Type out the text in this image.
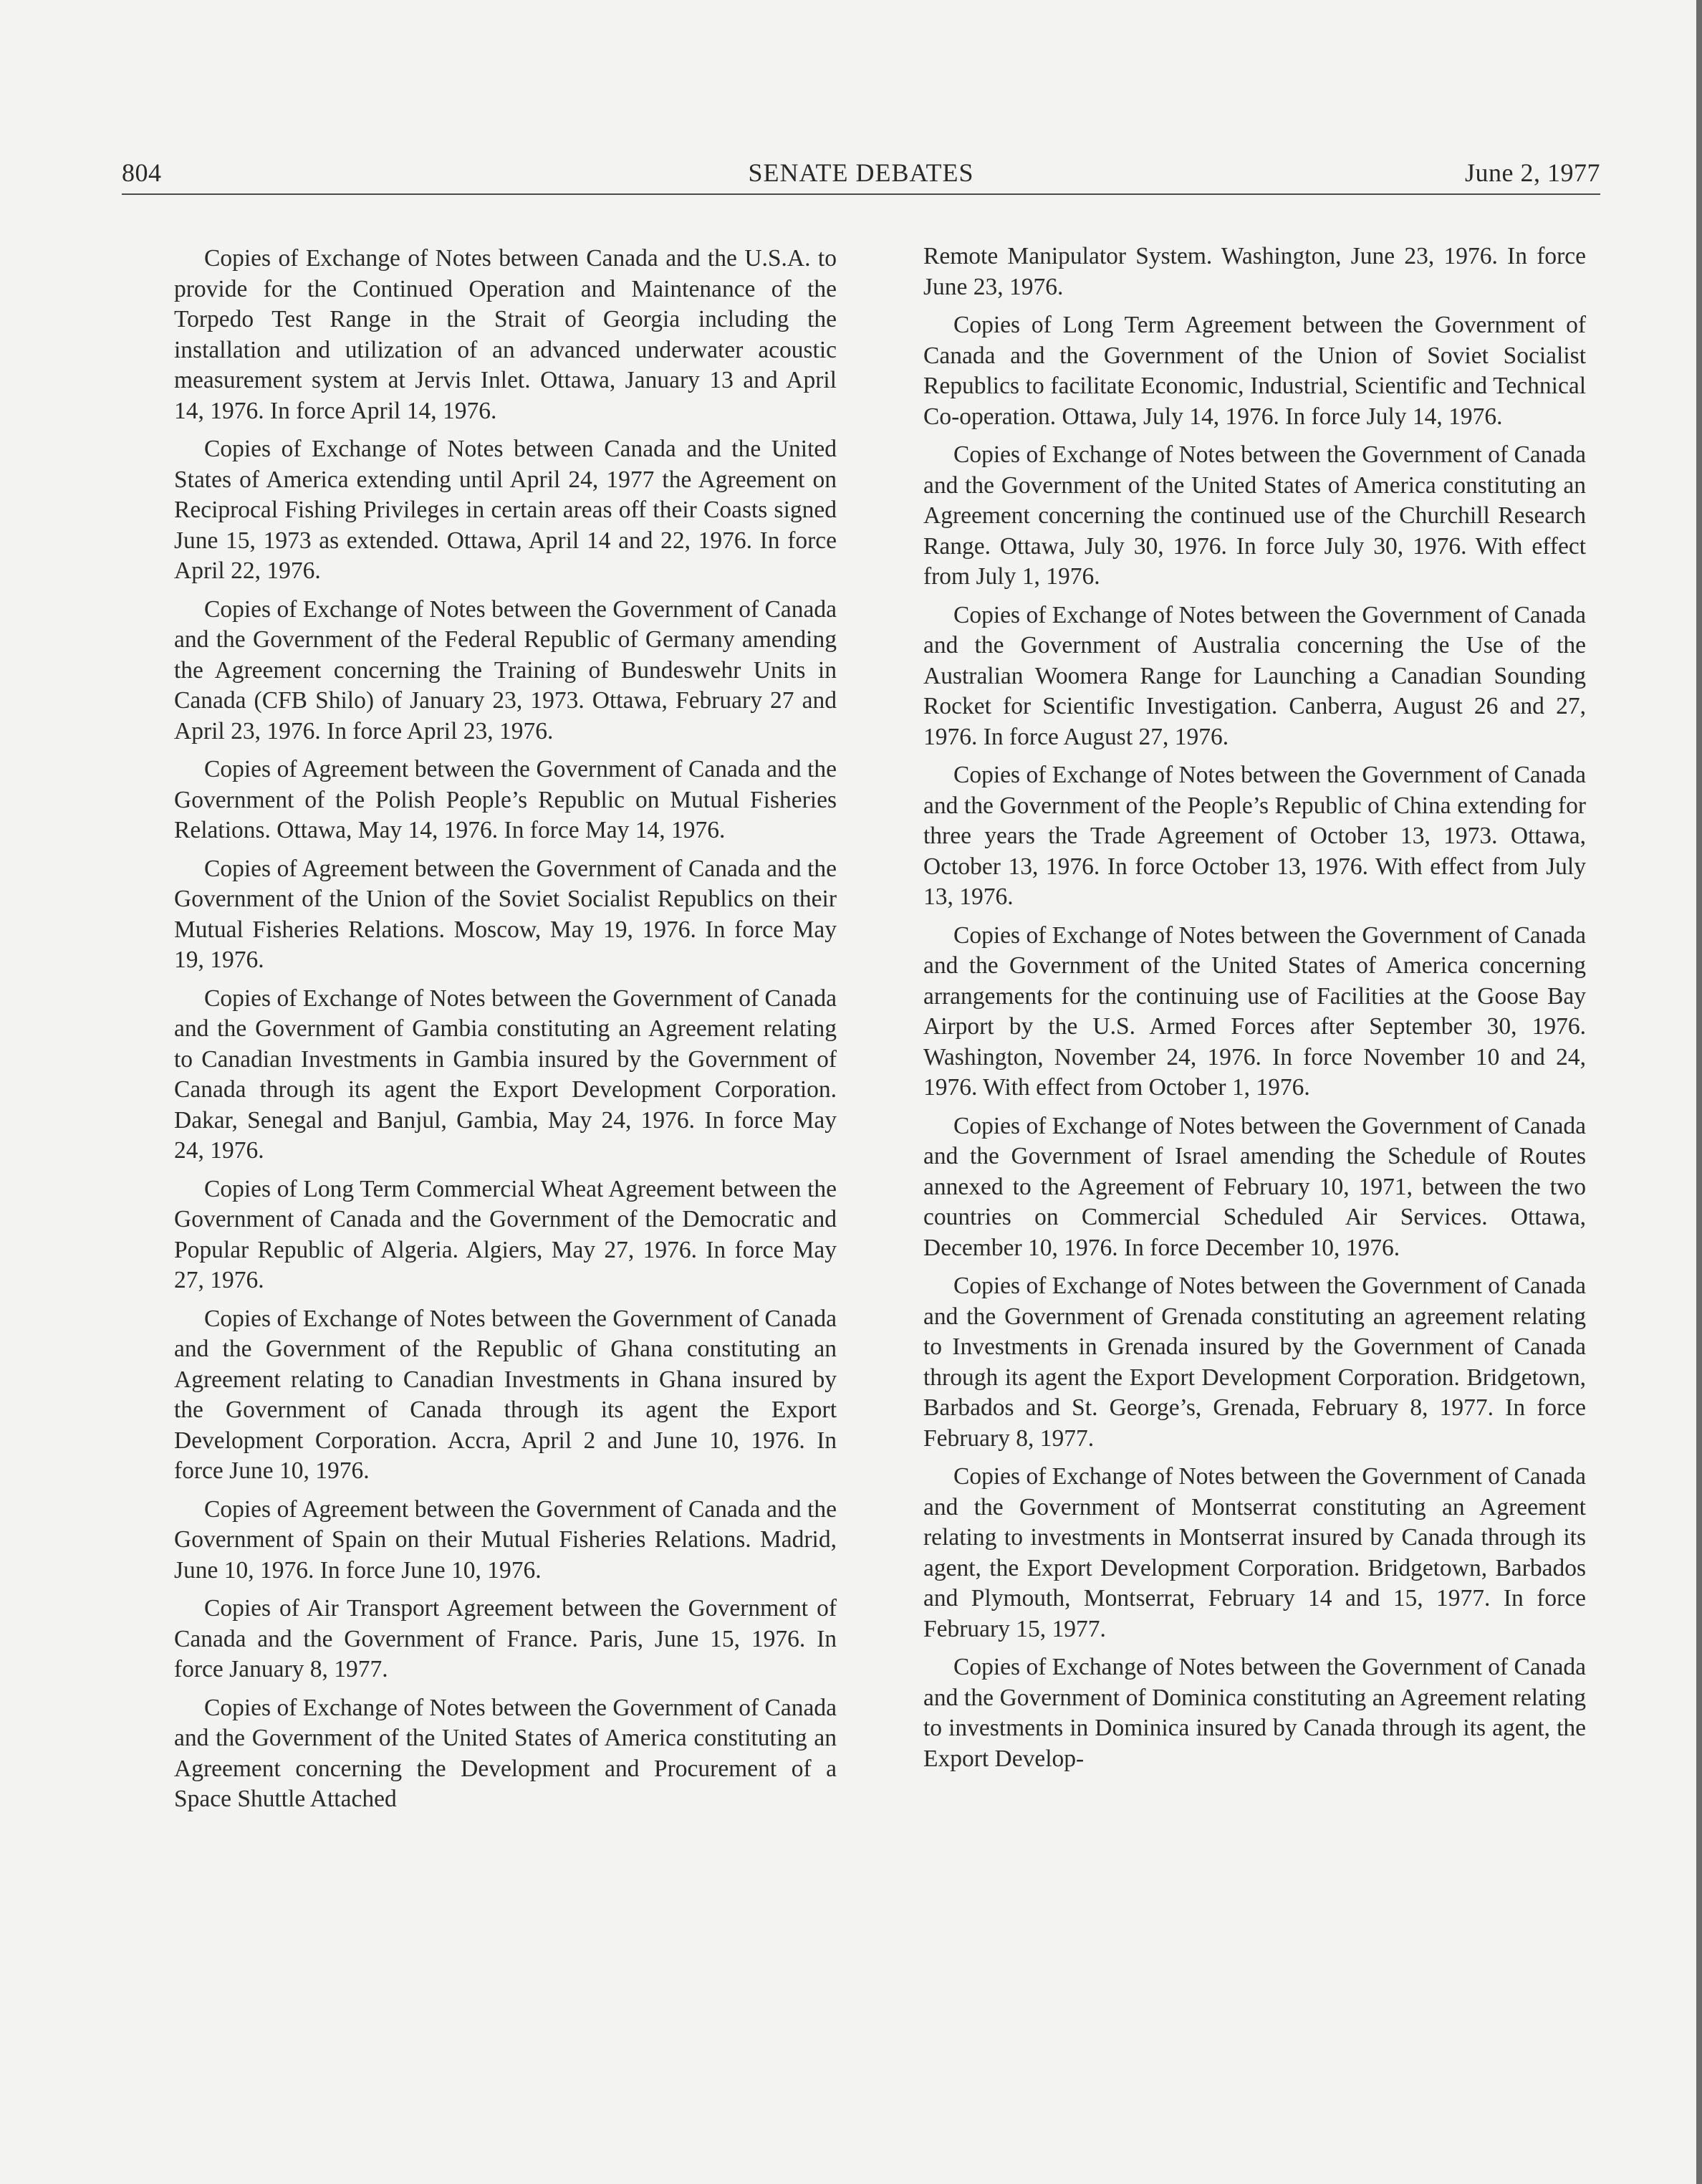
804	SENATE DEBATES	June 2, 1977

Copies of Exchange of Notes between Canada and the U.S.A. to provide for the Continued Operation and Maintenance of the Torpedo Test Range in the Strait of Georgia including the installation and utilization of an advanced underwater acoustic measurement system at Jervis Inlet. Ottawa, January 13 and April 14, 1976. In force April 14, 1976.

Copies of Exchange of Notes between Canada and the United States of America extending until April 24, 1977 the Agreement on Reciprocal Fishing Privileges in certain areas off their Coasts signed June 15, 1973 as extended. Ottawa, April 14 and 22, 1976. In force April 22, 1976.

Copies of Exchange of Notes between the Government of Canada and the Government of the Federal Republic of Germany amending the Agreement concerning the Training of Bundeswehr Units in Canada (CFB Shilo) of January 23, 1973. Ottawa, February 27 and April 23, 1976. In force April 23, 1976.

Copies of Agreement between the Government of Canada and the Government of the Polish People’s Republic on Mutual Fisheries Relations. Ottawa, May 14, 1976. In force May 14, 1976.

Copies of Agreement between the Government of Canada and the Government of the Union of the Soviet Socialist Republics on their Mutual Fisheries Relations. Moscow, May 19, 1976. In force May 19, 1976.

Copies of Exchange of Notes between the Government of Canada and the Government of Gambia constituting an Agreement relating to Canadian Investments in Gambia insured by the Government of Canada through its agent the Export Development Corporation. Dakar, Senegal and Banjul, Gambia, May 24, 1976. In force May 24, 1976.

Copies of Long Term Commercial Wheat Agreement between the Government of Canada and the Government of the Democratic and Popular Republic of Algeria. Algiers, May 27, 1976. In force May 27, 1976.

Copies of Exchange of Notes between the Government of Canada and the Government of the Republic of Ghana constituting an Agreement relating to Canadian Investments in Ghana insured by the Government of Canada through its agent the Export Development Corporation. Accra, April 2 and June 10, 1976. In force June 10, 1976.

Copies of Agreement between the Government of Canada and the Government of Spain on their Mutual Fisheries Relations. Madrid, June 10, 1976. In force June 10, 1976.

Copies of Air Transport Agreement between the Government of Canada and the Government of France. Paris, June 15, 1976. In force January 8, 1977.

Copies of Exchange of Notes between the Government of Canada and the Government of the United States of America constituting an Agreement concerning the Development and Procurement of a Space Shuttle Attached

Remote Manipulator System. Washington, June 23, 1976. In force June 23, 1976.

Copies of Long Term Agreement between the Government of Canada and the Government of the Union of Soviet Socialist Republics to facilitate Economic, Industrial, Scientific and Technical Co-operation. Ottawa, July 14, 1976. In force July 14, 1976.

Copies of Exchange of Notes between the Government of Canada and the Government of the United States of America constituting an Agreement concerning the continued use of the Churchill Research Range. Ottawa, July 30, 1976. In force July 30, 1976. With effect from July 1, 1976.

Copies of Exchange of Notes between the Government of Canada and the Government of Australia concerning the Use of the Australian Woomera Range for Launching a Canadian Sounding Rocket for Scientific Investigation. Canberra, August 26 and 27, 1976. In force August 27, 1976.

Copies of Exchange of Notes between the Government of Canada and the Government of the People’s Republic of China extending for three years the Trade Agreement of October 13, 1973. Ottawa, October 13, 1976. In force October 13, 1976. With effect from July 13, 1976.

Copies of Exchange of Notes between the Government of Canada and the Government of the United States of America concerning arrangements for the continuing use of Facilities at the Goose Bay Airport by the U.S. Armed Forces after September 30, 1976. Washington, November 24, 1976. In force November 10 and 24, 1976. With effect from October 1, 1976.

Copies of Exchange of Notes between the Government of Canada and the Government of Israel amending the Schedule of Routes annexed to the Agreement of February 10, 1971, between the two countries on Commercial Scheduled Air Services. Ottawa, December 10, 1976. In force December 10, 1976.

Copies of Exchange of Notes between the Government of Canada and the Government of Grenada constituting an agreement relating to Investments in Grenada insured by the Government of Canada through its agent the Export Development Corporation. Bridgetown, Barbados and St. George’s, Grenada, February 8, 1977. In force February 8, 1977.

Copies of Exchange of Notes between the Government of Canada and the Government of Montserrat constituting an Agreement relating to investments in Montserrat insured by Canada through its agent, the Export Development Corporation. Bridgetown, Barbados and Plymouth, Montserrat, February 14 and 15, 1977. In force February 15, 1977.

Copies of Exchange of Notes between the Government of Canada and the Government of Dominica constituting an Agreement relating to investments in Dominica insured by Canada through its agent, the Export Develop-
